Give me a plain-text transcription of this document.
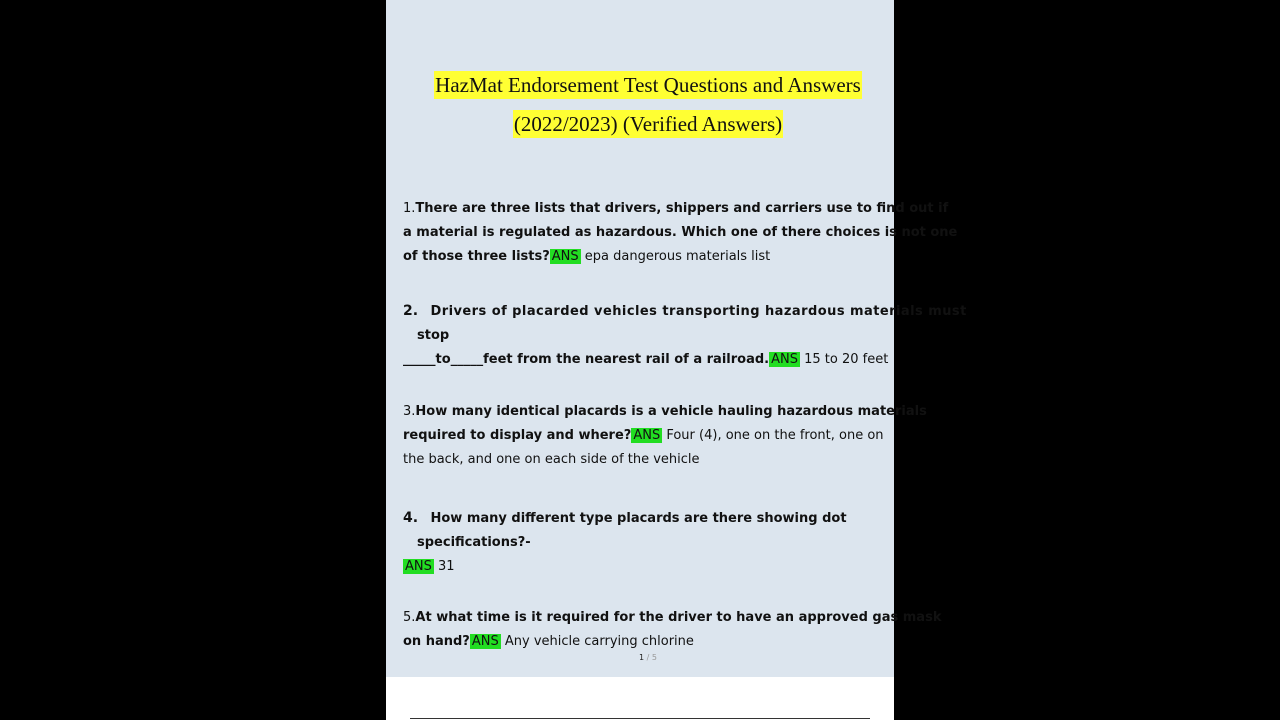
HazMat Endorsement Test Questions and Answers
(2022/2023) (Verified Answers)
1.There are three lists that drivers, shippers and carriers use to find out if
a material is regulated as hazardous. Which one of there choices is not one
of those three lists? ANS epa dangerous materials list
2. Drivers of placarded vehicles transporting hazardous materials must
stop
_____to_____feet from the nearest rail of a railroad. ANS 15 to 20 feet
3.How many identical placards is a vehicle hauling hazardous materials
required to display and where? ANS Four (4), one on the front, one on
the back, and one on each side of the vehicle
4. How many different type placards are there showing dot
specifications?-
ANS 31
5.At what time is it required for the driver to have an approved gas mask
on hand? ANS Any vehicle carrying chlorine
1 / 5
